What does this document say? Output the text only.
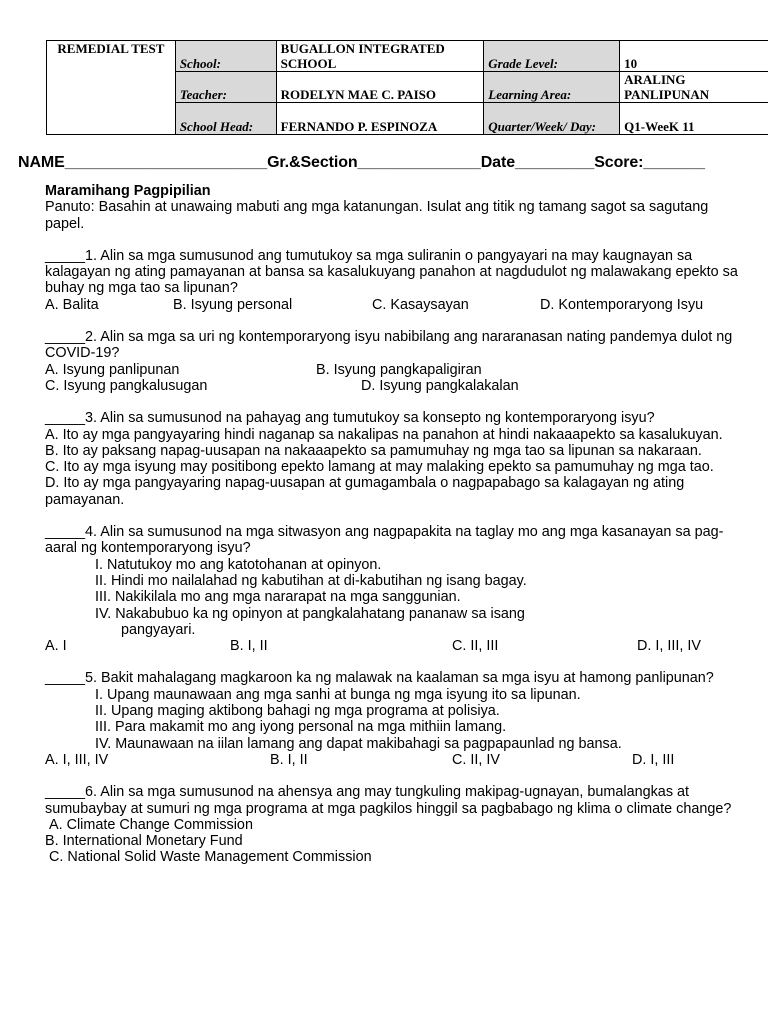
REMEDIAL TEST	School:	BUGALLON INTEGRATED SCHOOL	Grade Level:	10
	Teacher:	RODELYN MAE C. PAISO	Learning Area:	ARALING PANLIPUNAN
	School Head:	FERNANDO P. ESPINOZA	Quarter/Week/ Day:	Q1-WeeK 11
NAME_______________________Gr.&Section______________Date_________Score:_______

Maramihang Pagpipilian

Panuto: Basahin at unawaing mabuti ang mga katanungan. Isulat ang titik ng tamang sagot sa sagutang papel.

_____1. Alin sa mga sumusunod ang tumutukoy sa mga suliranin o pangyayari na may kaugnayan sa kalagayan ng ating pamayanan at bansa sa kasalukuyang panahon at nagdudulot ng malawakang epekto sa buhay ng mga tao sa lipunan?

A. Balita	B. Isyung personal	C. Kasaysayan	D. Kontemporaryong Isyu

_____2. Alin sa mga sa uri ng kontemporaryong isyu nabibilang ang nararanasan nating pandemya dulot ng COVID-19?

A. Isyung panlipunan	B. Isyung pangkapaligiran
C. Isyung pangkalusugan	D. Isyung pangkalakalan

_____3. Alin sa sumusunod na pahayag ang tumutukoy sa konsepto ng kontemporaryong isyu?

A. Ito ay mga pangyayaring hindi naganap sa nakalipas na panahon at hindi nakaaapekto sa kasalukuyan.

B. Ito ay paksang napag-uusapan na nakaaapekto sa pamumuhay ng mga tao sa lipunan sa nakaraan.

C. Ito ay mga isyung may positibong epekto lamang at may malaking epekto sa pamumuhay ng mga tao.

D. Ito ay mga pangyayaring napag-uusapan at gumagambala o nagpapabago sa kalagayan ng ating pamayanan.

_____4. Alin sa sumusunod na mga sitwasyon ang nagpapakita na taglay mo ang mga kasanayan sa pag-aaral ng kontemporaryong isyu?

I. Natutukoy mo ang katotohanan at opinyon.

II. Hindi mo nailalahad ng kabutihan at di-kabutihan ng isang bagay.

III. Nakikilala mo ang mga nararapat na mga sanggunian.

IV. Nakabubuo ka ng opinyon at pangkalahatang pananaw sa isang

pangyayari.

A. I	B. I, II	C. II, III	D. I, III, IV

_____5. Bakit mahalagang magkaroon ka ng malawak na kaalaman sa mga isyu at hamong panlipunan?

I. Upang maunawaan ang mga sanhi at bunga ng mga isyung ito sa lipunan.

II. Upang maging aktibong bahagi ng mga programa at polisiya.

III. Para makamit mo ang iyong personal na mga mithiin lamang.

IV. Maunawaan na iilan lamang ang dapat makibahagi sa pagpapaunlad ng bansa.

A. I, III, IV	B. I, II	C. II, IV	D. I, III

_____6. Alin sa mga sumusunod na ahensya ang may tungkuling makipag-ugnayan, bumalangkas at sumubaybay at sumuri ng mga programa at mga pagkilos hinggil sa pagbabago ng klima o climate change?

A. Climate Change Commission

B. International Monetary Fund

C. National Solid Waste Management Commission
